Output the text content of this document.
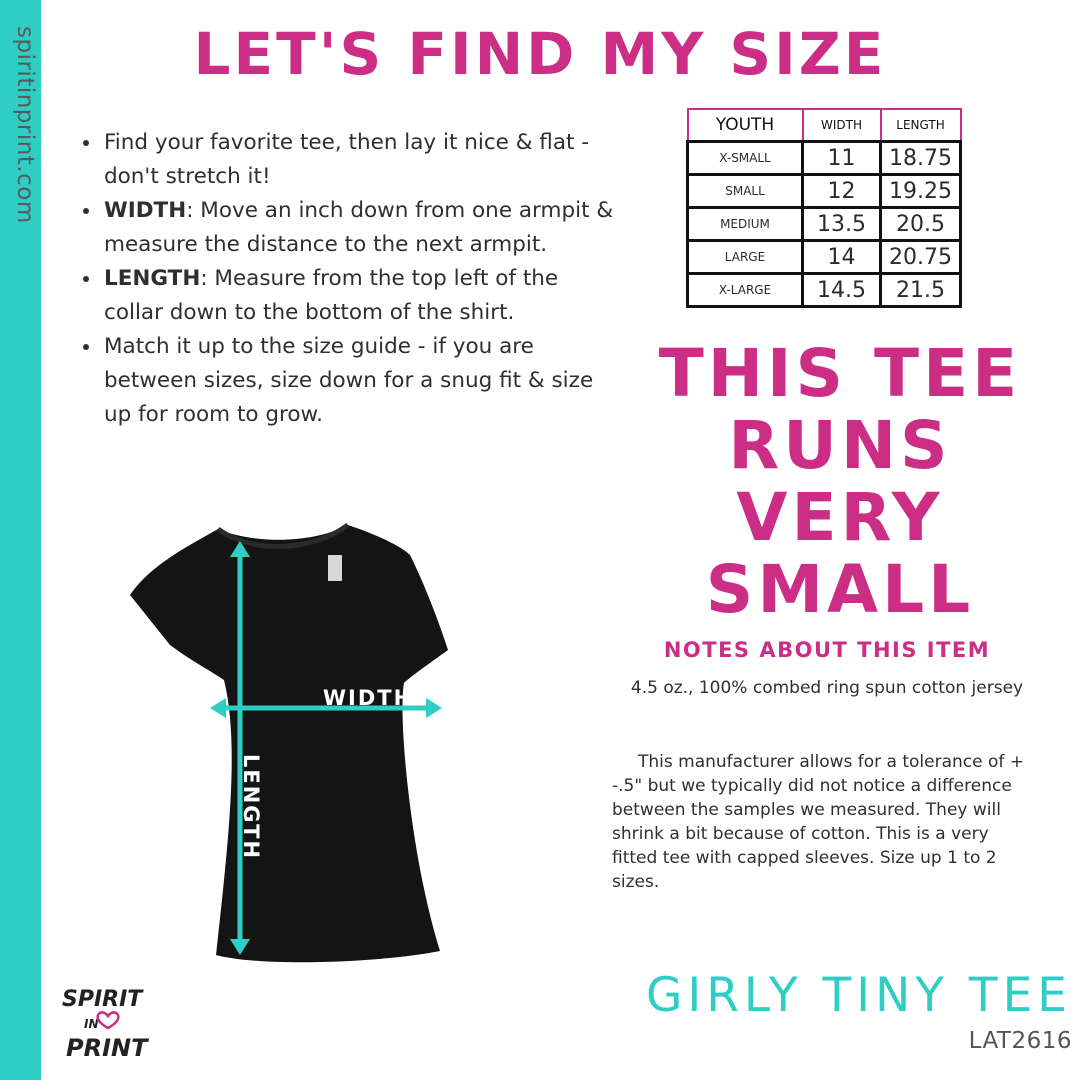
spiritinprint.com	LET'S FIND MY SIZE
• Find your favorite tee, then lay it nice & flat - don't stretch it!
• WIDTH: Move an inch down from one armpit & measure the distance to the next armpit.
• LENGTH: Measure from the top left of the collar down to the bottom of the shirt.
• Match it up to the size guide - if you are between sizes, size down for a snug fit & size up for room to grow.
YOUTH	WIDTH	LENGTH
X-SMALL	11	18.75
SMALL	12	19.25
MEDIUM	13.5	20.5
LARGE	14	20.75
X-LARGE	14.5	21.5
THIS TEE
RUNS
VERY
SMALL
NOTES ABOUT THIS ITEM
4.5 oz., 100% combed ring spun cotton jersey

This manufacturer allows for a tolerance of + -.5" but we typically did not notice a difference between the samples we measured. They will shrink a bit because of cotton. This is a very fitted tee with capped sleeves. Size up 1 to 2 sizes.

WIDTH
LENGTH
SPIRIT
IN
PRINT
GIRLY TINY TEE
LAT2616
